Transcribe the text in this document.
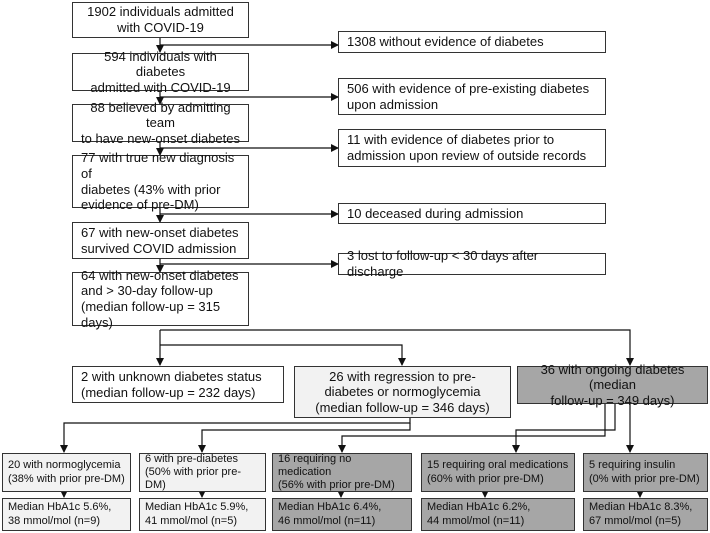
1902 individuals admitted
with COVID-19
594 individuals with diabetes
admitted with COVID-19
88 believed by admitting team
to have new-onset diabetes
77 with true new diagnosis of
diabetes (43% with prior
evidence of pre-DM)
67 with new-onset diabetes
survived COVID admission
64 with new-onset diabetes
and > 30-day follow-up
(median follow-up = 315 days)
1308 without evidence of diabetes
506 with evidence of pre-existing diabetes
upon admission
11 with evidence of diabetes prior to
admission upon review of outside records
10 deceased during admission
3 lost to follow-up < 30 days after discharge
2 with unknown diabetes status
(median follow-up = 232 days)
26 with regression to pre-
diabetes or normoglycemia
(median follow-up = 346 days)
36 with ongoing diabetes (median
follow-up = 349 days)
20 with normoglycemia
(38% with prior pre-DM)
6 with pre-diabetes
(50% with prior pre-DM)
16 requiring no medication
(56% with prior pre-DM)
15 requiring oral medications
(60% with prior pre-DM)
5 requiring insulin
(0% with prior pre-DM)
Median HbA1c 5.6%,
38 mmol/mol (n=9)
Median HbA1c 5.9%,
41 mmol/mol (n=5)
Median HbA1c 6.4%,
46 mmol/mol (n=11)
Median HbA1c 6.2%,
44 mmol/mol (n=11)
Median HbA1c 8.3%,
67 mmol/mol (n=5)
